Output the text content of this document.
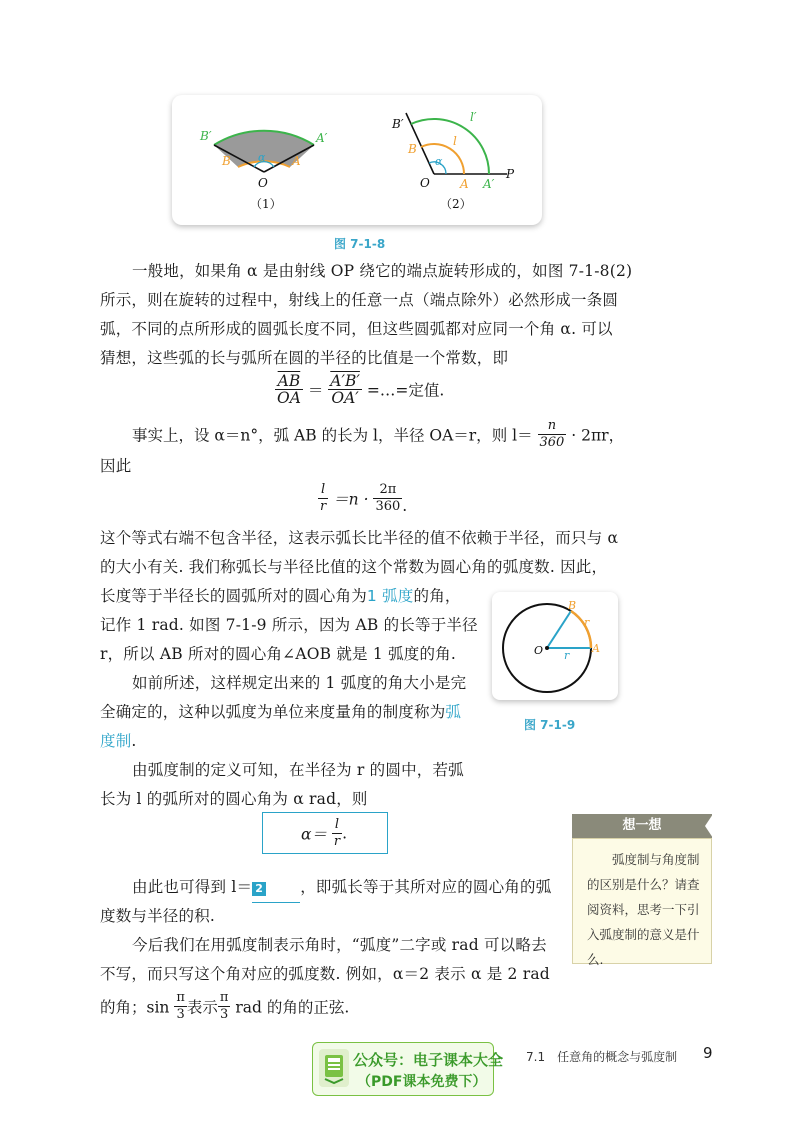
B′	A′
B	A
α
O
（1）
B′	l′
l
B
α
O	A A′
P
（2）
图 7-1-8
一般地，如果角 α 是由射线 OP 绕它的端点旋转形成的，如图 7-1-8(2)
所示，则在旋转的过程中，射线上的任意一点（端点除外）必然形成一条圆
弧，不同的点所形成的圆弧长度不同，但这些圆弧都对应同一个角 α. 可以
猜想，这些弧的长与弧所在圆的半径的比值是一个常数，即
$\frac{\overline{AB}}{OA} = \frac{A'B'}{OA'}$ =…=定值.
事实上，设 α＝n°，弧 AB 的长为 l，半径 OA＝r，则 $l= \frac{n}{360} \cdot 2\pi r$，
因此
$\frac{l}{r} =n \cdot \frac{2\pi}{360}$ .
这个等式右端不包含半径，这表示弧长比半径的值不依赖于半径，而只与 α
的大小有关. 我们称弧长与半径比值的这个常数为圆心角的弧度数. 因此，
长度等于半径长的圆弧所对的圆心角为1 弧度的角，
记作 1 rad. 如图 7-1-9 所示，因为 AB 的长等于半径
r，所以 AB 所对的圆心角∠AOB 就是 1 弧度的角.
B
r
O r
A
图 7-1-9
如前所述，这样规定出来的 1 弧度的角大小是完
全确定的，这种以弧度为单位来度量角的制度称为弧
度制.
由弧度制的定义可知，在半径为 r 的圆中，若弧
长为 l 的弧所对的圆心角为 α rad，则
$\alpha= \frac{l}{r}$ .	想一想
　　弧度制与角度制的区别是什么？请查阅资料，思考一下引入弧度制的意义是什么.
由此也可得到 l＝ 2 ，即弧长等于其所对应的圆心角的弧
度数与半径的积.
今后我们在用弧度制表示角时，“弧度”二字或 rad 可以略去
不写，而只写这个角对应的弧度数. 例如，α＝2 表示 α 是 2 rad
的角；$\sin \frac{\pi}{3}$ 表示 $\frac{\pi}{3}$ rad 的角的正弦.
公众号：电子课本大全
（PDF课本免费下）
7.1　任意角的概念与弧度制 9
